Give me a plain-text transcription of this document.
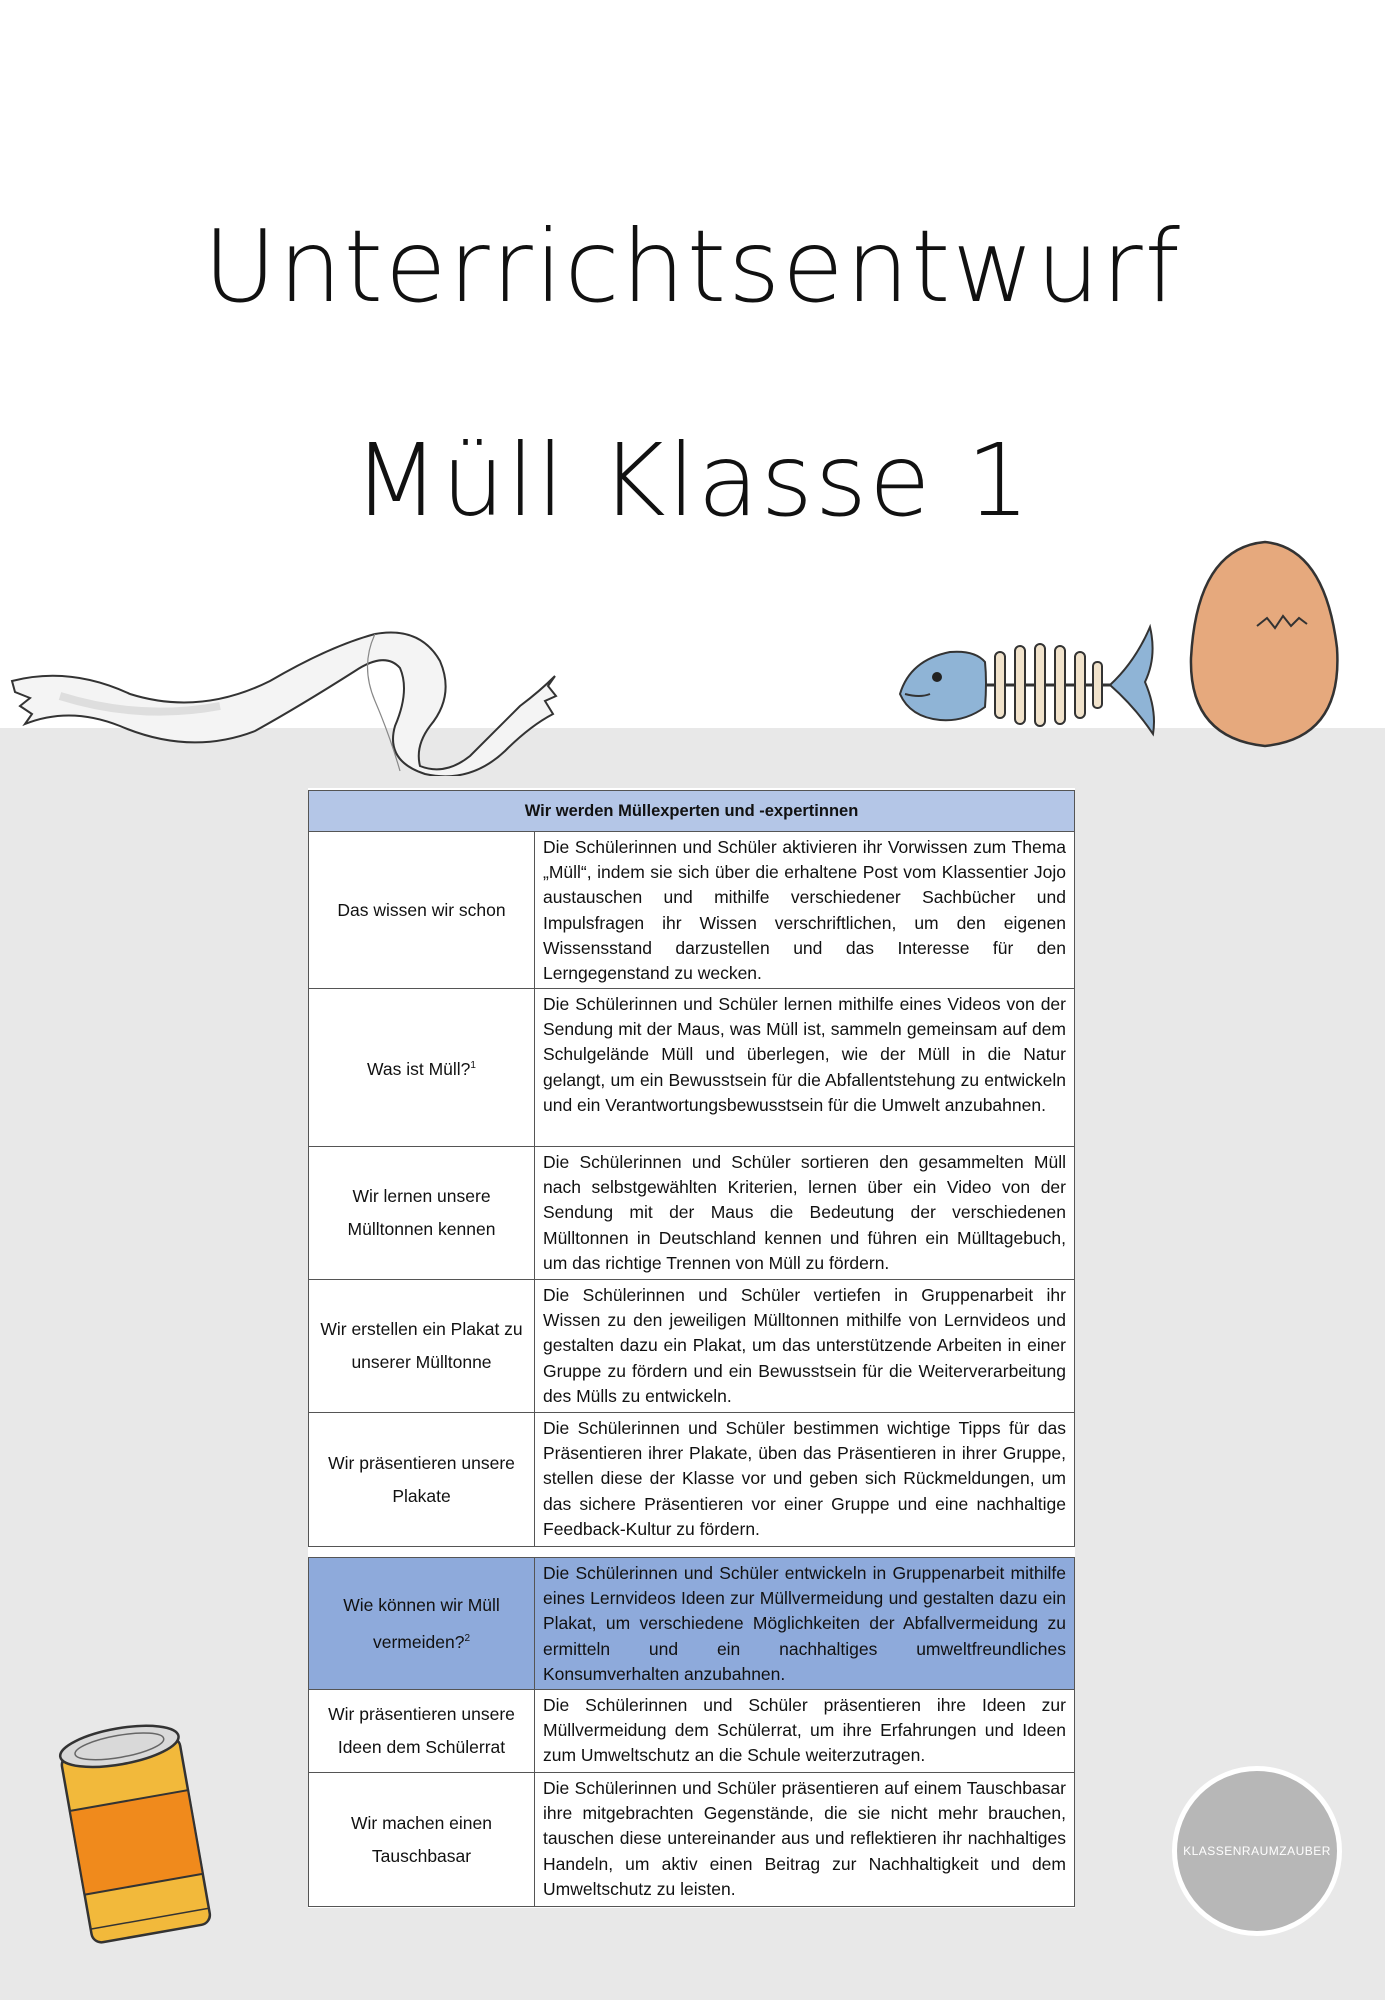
Unterrichtsentwurf
Müll Klasse 1
KLASSENRAUMZAUBER
Wir werden Müllexperten und -expertinnen
Das wissen wir schon
Die Schülerinnen und Schüler aktivieren ihr Vorwissen zum Thema „Müll“, indem sie sich über die erhaltene Post vom Klassentier Jojo austauschen und mithilfe verschiedener Sachbücher und Impulsfragen ihr Wissen verschriftlichen, um den eigenen Wissensstand darzustellen und das Interesse für den Lerngegenstand zu wecken.
Was ist Müll?$^1$
Die Schülerinnen und Schüler lernen mithilfe eines Videos von der Sendung mit der Maus, was Müll ist, sammeln gemeinsam auf dem Schulgelände Müll und überlegen, wie der Müll in die Natur gelangt, um ein Bewusstsein für die Abfallentstehung zu entwickeln und ein Verantwortungsbewusstsein für die Umwelt anzubahnen.
Wir lernen unsere Mülltonnen kennen
Die Schülerinnen und Schüler sortieren den gesammelten Müll nach selbstgewählten Kriterien, lernen über ein Video von der Sendung mit der Maus die Bedeutung der verschiedenen Mülltonnen in Deutschland kennen und führen ein Mülltagebuch, um das richtige Trennen von Müll zu fördern.
Wir erstellen ein Plakat zu unserer Mülltonne
Die Schülerinnen und Schüler vertiefen in Gruppenarbeit ihr Wissen zu den jeweiligen Mülltonnen mithilfe von Lernvideos und gestalten dazu ein Plakat, um das unterstützende Arbeiten in einer Gruppe zu fördern und ein Bewusstsein für die Weiterverarbeitung des Mülls zu entwickeln.
Wir präsentieren unsere Plakate
Die Schülerinnen und Schüler bestimmen wichtige Tipps für das Präsentieren ihrer Plakate, üben das Präsentieren in ihrer Gruppe, stellen diese der Klasse vor und geben sich Rückmeldungen, um das sichere Präsentieren vor einer Gruppe und eine nachhaltige Feedback-Kultur zu fördern.
Wie können wir Müll vermeiden?$^2$
Die Schülerinnen und Schüler entwickeln in Gruppenarbeit mithilfe eines Lernvideos Ideen zur Müllvermeidung und gestalten dazu ein Plakat, um verschiedene Möglichkeiten der Abfallvermeidung zu ermitteln und ein nachhaltiges umweltfreundliches Konsumverhalten anzubahnen.
Wir präsentieren unsere Ideen dem Schülerrat
Die Schülerinnen und Schüler präsentieren ihre Ideen zur Müllvermeidung dem Schülerrat, um ihre Erfahrungen und Ideen zum Umweltschutz an die Schule weiterzutragen.
Wir machen einen Tauschbasar
Die Schülerinnen und Schüler präsentieren auf einem Tauschbasar ihre mitgebrachten Gegenstände, die sie nicht mehr brauchen, tauschen diese untereinander aus und reflektieren ihr nachhaltiges Handeln, um aktiv einen Beitrag zur Nachhaltigkeit und dem Umweltschutz zu leisten.
